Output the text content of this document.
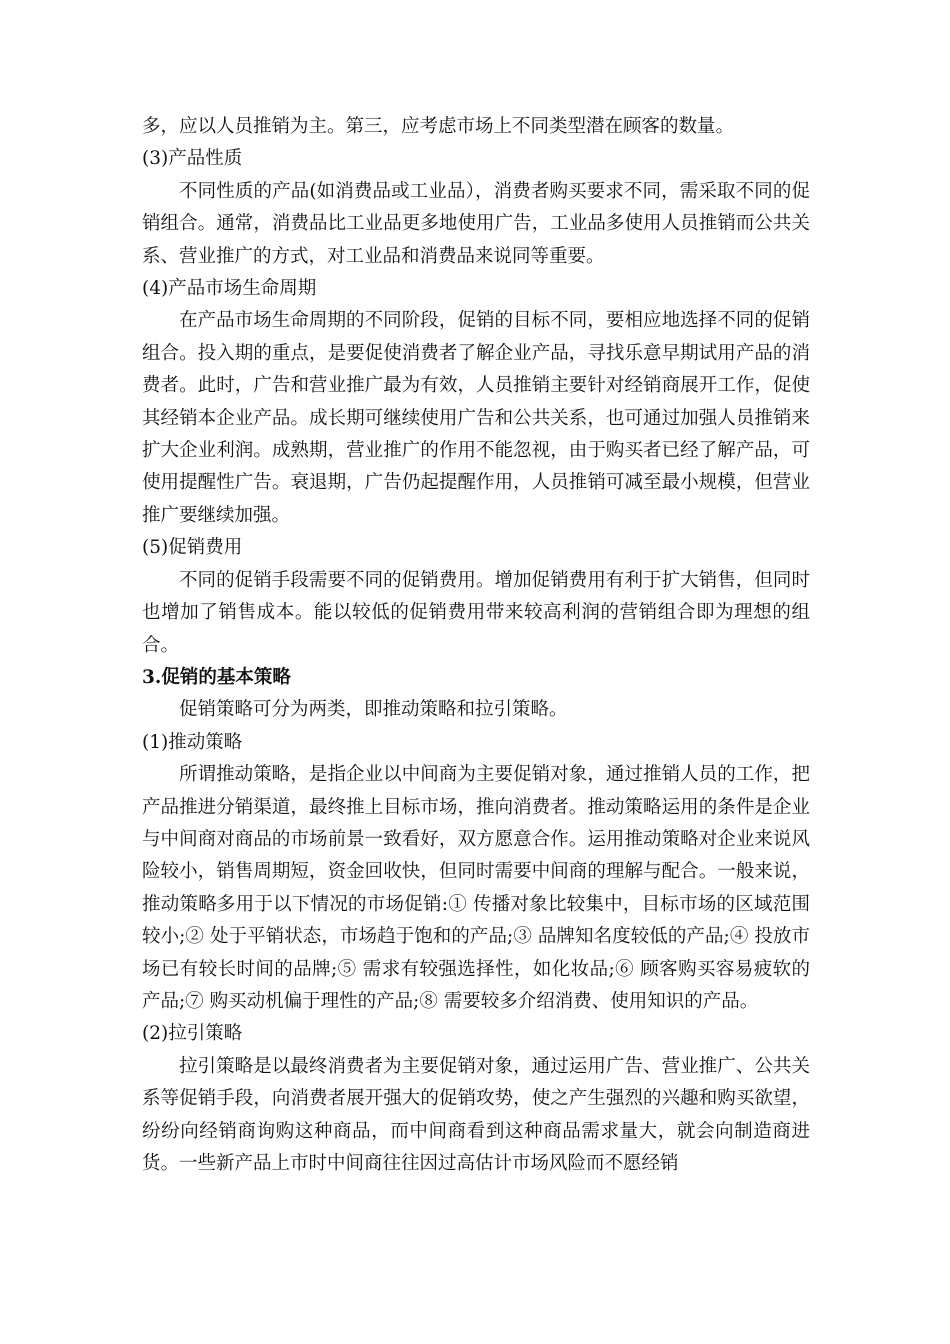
多，应以人员推销为主。第三，应考虑市场上不同类型潜在顾客的数量。

(3)产品性质

不同性质的产品(如消费品或工业品），消费者购买要求不同，需采取不同的促销组合。通常，消费品比工业品更多地使用广告，工业品多使用人员推销而公共关系、营业推广的方式，对工业品和消费品来说同等重要。

(4)产品市场生命周期

在产品市场生命周期的不同阶段，促销的目标不同，要相应地选择不同的促销组合。投入期的重点，是要促使消费者了解企业产品，寻找乐意早期试用产品的消费者。此时，广告和营业推广最为有效，人员推销主要针对经销商展开工作，促使其经销本企业产品。成长期可继续使用广告和公共关系，也可通过加强人员推销来扩大企业利润。成熟期，营业推广的作用不能忽视，由于购买者已经了解产品，可使用提醒性广告。衰退期，广告仍起提醒作用，人员推销可减至最小规模，但营业推广要继续加强。

(5)促销费用

不同的促销手段需要不同的促销费用。增加促销费用有利于扩大销售，但同时也增加了销售成本。能以较低的促销费用带来较高利润的营销组合即为理想的组合。

3.促销的基本策略

促销策略可分为两类，即推动策略和拉引策略。

(1)推动策略

所谓推动策略，是指企业以中间商为主要促销对象，通过推销人员的工作，把产品推进分销渠道，最终推上目标市场，推向消费者。推动策略运用的条件是企业与中间商对商品的市场前景一致看好，双方愿意合作。运用推动策略对企业来说风险较小，销售周期短，资金回收快，但同时需要中间商的理解与配合。一般来说，推动策略多用于以下情况的市场促销:① 传播对象比较集中，目标市场的区域范围较小;② 处于平销状态，市场趋于饱和的产品;③ 品牌知名度较低的产品;④ 投放市场已有较长时间的品牌;⑤ 需求有较强选择性，如化妆品;⑥ 顾客购买容易疲软的产品;⑦ 购买动机偏于理性的产品;⑧ 需要较多介绍消费、使用知识的产品。

(2)拉引策略

拉引策略是以最终消费者为主要促销对象，通过运用广告、营业推广、公共关系等促销手段，向消费者展开强大的促销攻势，使之产生强烈的兴趣和购买欲望，纷纷向经销商询购这种商品，而中间商看到这种商品需求量大，就会向制造商进货。一些新产品上市时中间商往往因过高估计市场风险而不愿经销
